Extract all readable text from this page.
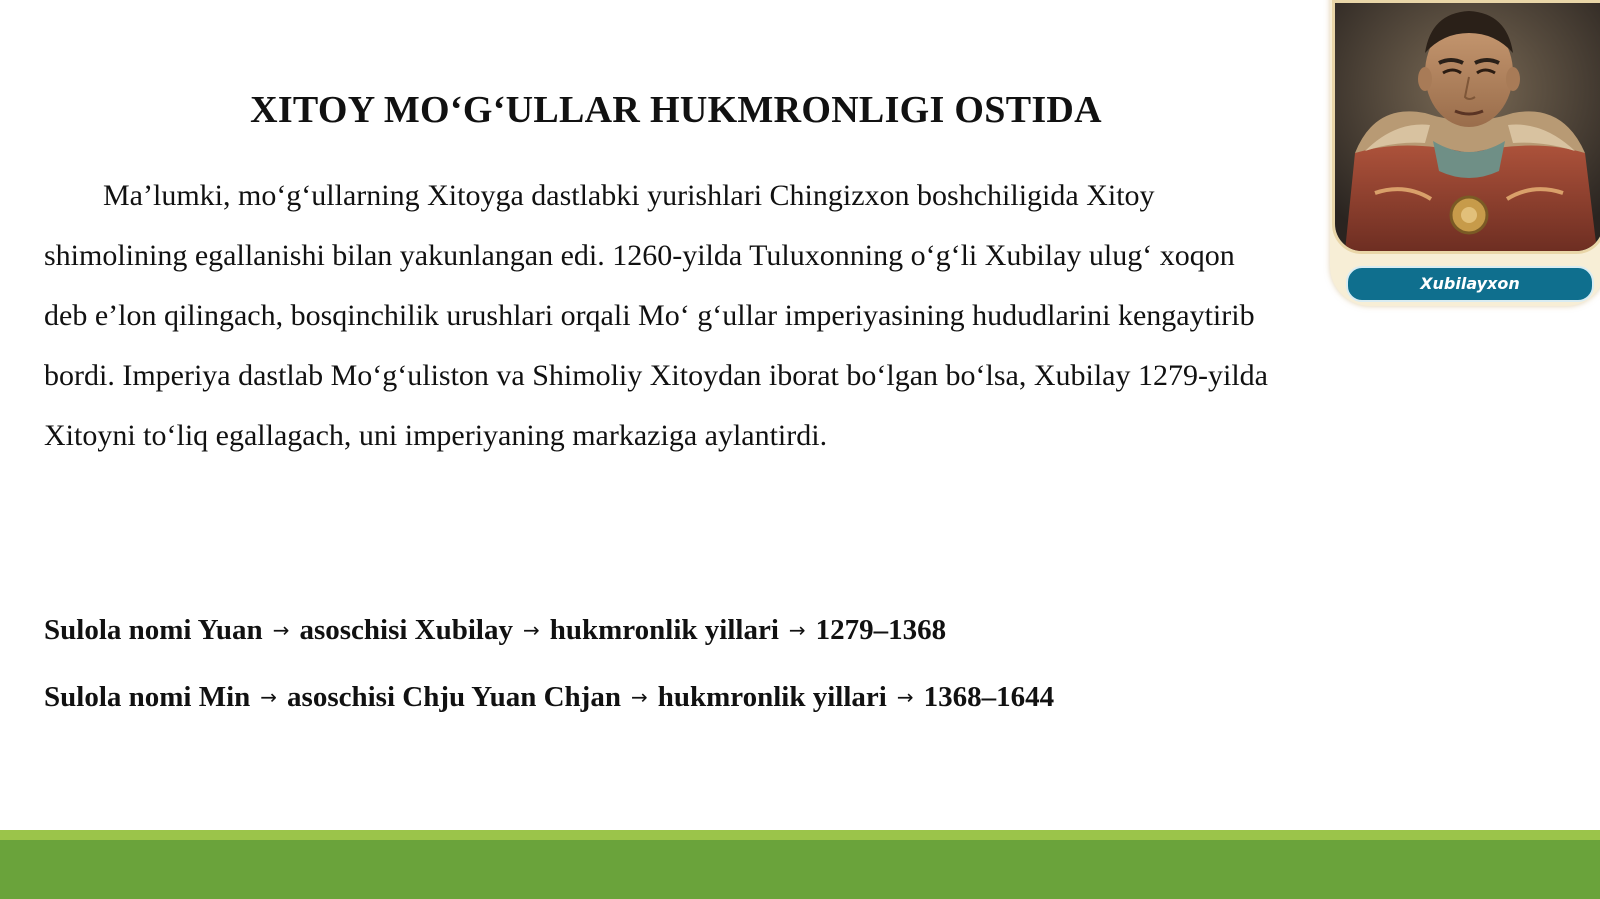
XITOY MO‘G‘ULLAR HUKMRONLIGI OSTIDA

Ma’lumki, mo‘g‘ullarning Xitoyga dastlabki yurishlari Chingizxon boshchiligida Xitoy shimolining egallanishi bilan yakunlangan edi. 1260-yilda Tuluxonning o‘g‘li Xubilay ulug‘ xoqon deb e’lon qilingach, bosqinchilik urushlari orqali Mo‘ g‘ullar imperiyasining hududlarini kengaytirib bordi. Imperiya dastlab Mo‘g‘uliston va Shimoliy Xitoydan iborat bo‘lgan bo‘lsa, Xubilay 1279-yilda Xitoyni to‘liq egallagach, uni imperiyaning markaziga aylantirdi.

Sulola nomi Yuan → asoschisi Xubilay → hukmronlik yillari → 1279–1368

Sulola nomi Min → asoschisi Chju Yuan Chjan → hukmronlik yillari → 1368–1644

Xubilayxon
